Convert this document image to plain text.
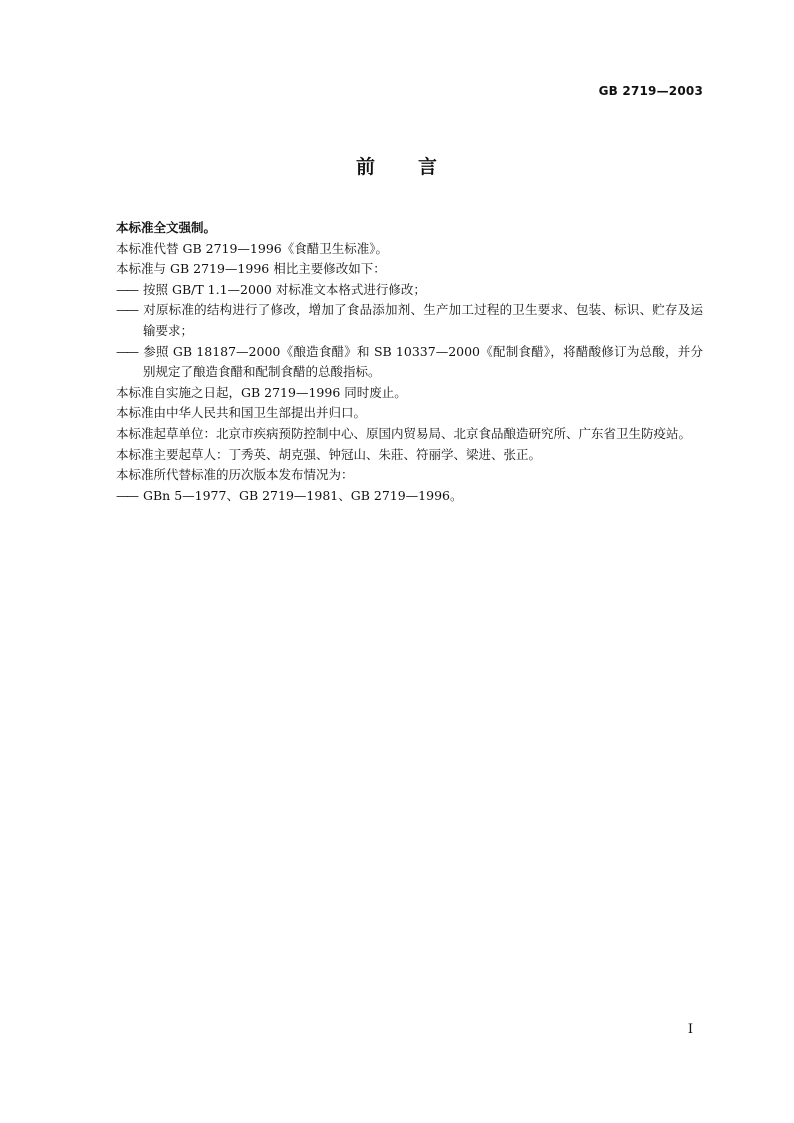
GB 2719—2003
前 言

本标准全文强制。

本标准代替 GB 2719—1996《食醋卫生标准》。

本标准与 GB 2719—1996 相比主要修改如下：

—— 按照 GB/T 1.1—2000 对标准文本格式进行修改；

—— 对原标准的结构进行了修改，增加了食品添加剂、生产加工过程的卫生要求、包装、标识、贮存及运输要求；

—— 参照 GB 18187—2000《酿造食醋》和 SB 10337—2000《配制食醋》，将醋酸修订为总酸，并分别规定了酿造食醋和配制食醋的总酸指标。

本标准自实施之日起，GB 2719—1996 同时废止。

本标准由中华人民共和国卫生部提出并归口。

本标准起草单位：北京市疾病预防控制中心、原国内贸易局、北京食品酿造研究所、广东省卫生防疫站。

本标准主要起草人：丁秀英、胡克强、钟冠山、朱莊、符丽学、梁进、张正。

本标准所代替标准的历次版本发布情况为：

—— GBn 5—1977、GB 2719—1981、GB 2719—1996。

I
